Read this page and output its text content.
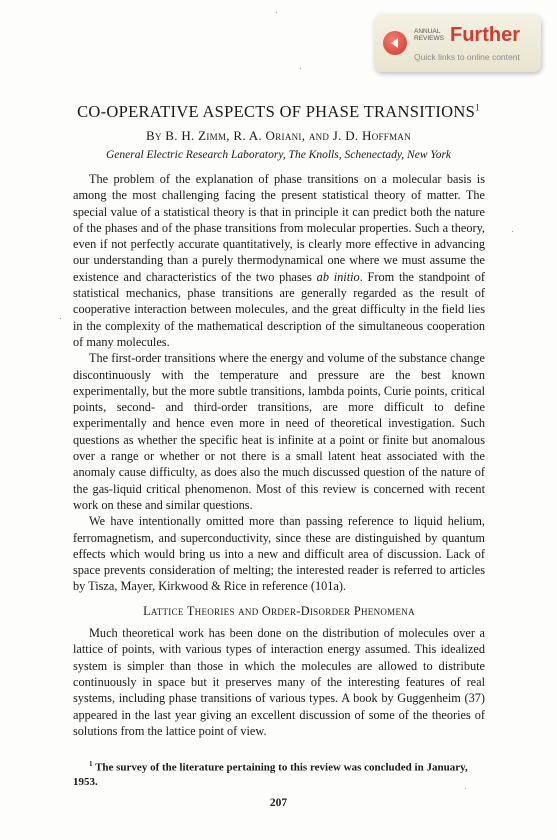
ANNUAL REVIEWS Further
Quick links to online content
CO-OPERATIVE ASPECTS OF PHASE TRANSITIONS$^1$
By B. H. Zimm, R. A. Oriani, and J. D. Hoffman
General Electric Research Laboratory, The Knolls, Schenectady, New York

The problem of the explanation of phase transitions on a molecular basis is among the most challenging facing the present statistical theory of matter. The special value of a statistical theory is that in principle it can predict both the nature of the phases and of the phase transitions from molecular properties. Such a theory, even if not perfectly accurate quantitatively, is clearly more effective in advancing our understanding than a purely thermodynamical one where we must assume the existence and characteristics of the two phases ab initio. From the standpoint of statistical mechanics, phase transitions are generally regarded as the result of cooperative interaction between molecules, and the great difficulty in the field lies in the complexity of the mathematical description of the simultaneous cooperation of many molecules.

The first-order transitions where the energy and volume of the substance change discontinuously with the temperature and pressure are the best known experimentally, but the more subtle transitions, lambda points, Curie points, critical points, second- and third-order transitions, are more difficult to define experimentally and hence even more in need of theoretical investigation. Such questions as whether the specific heat is infinite at a point or finite but anomalous over a range or whether or not there is a small latent heat associated with the anomaly cause difficulty, as does also the much discussed question of the nature of the gas-liquid critical phenomenon. Most of this review is concerned with recent work on these and similar questions.

We have intentionally omitted more than passing reference to liquid helium, ferromagnetism, and superconductivity, since these are distinguished by quantum effects which would bring us into a new and difficult area of discussion. Lack of space prevents consideration of melting; the interested reader is referred to articles by Tisza, Mayer, Kirkwood & Rice in reference (101a).

Lattice Theories and Order-Disorder Phenomena

Much theoretical work has been done on the distribution of molecules over a lattice of points, with various types of interaction energy assumed. This idealized system is simpler than those in which the molecules are allowed to distribute continuously in space but it preserves many of the interesting features of real systems, including phase transitions of various types. A book by Guggenheim (37) appeared in the last year giving an excellent discussion of some of the theories of solutions from the lattice point of view.

$^1$ The survey of the literature pertaining to this review was concluded in January, 1953.
207
